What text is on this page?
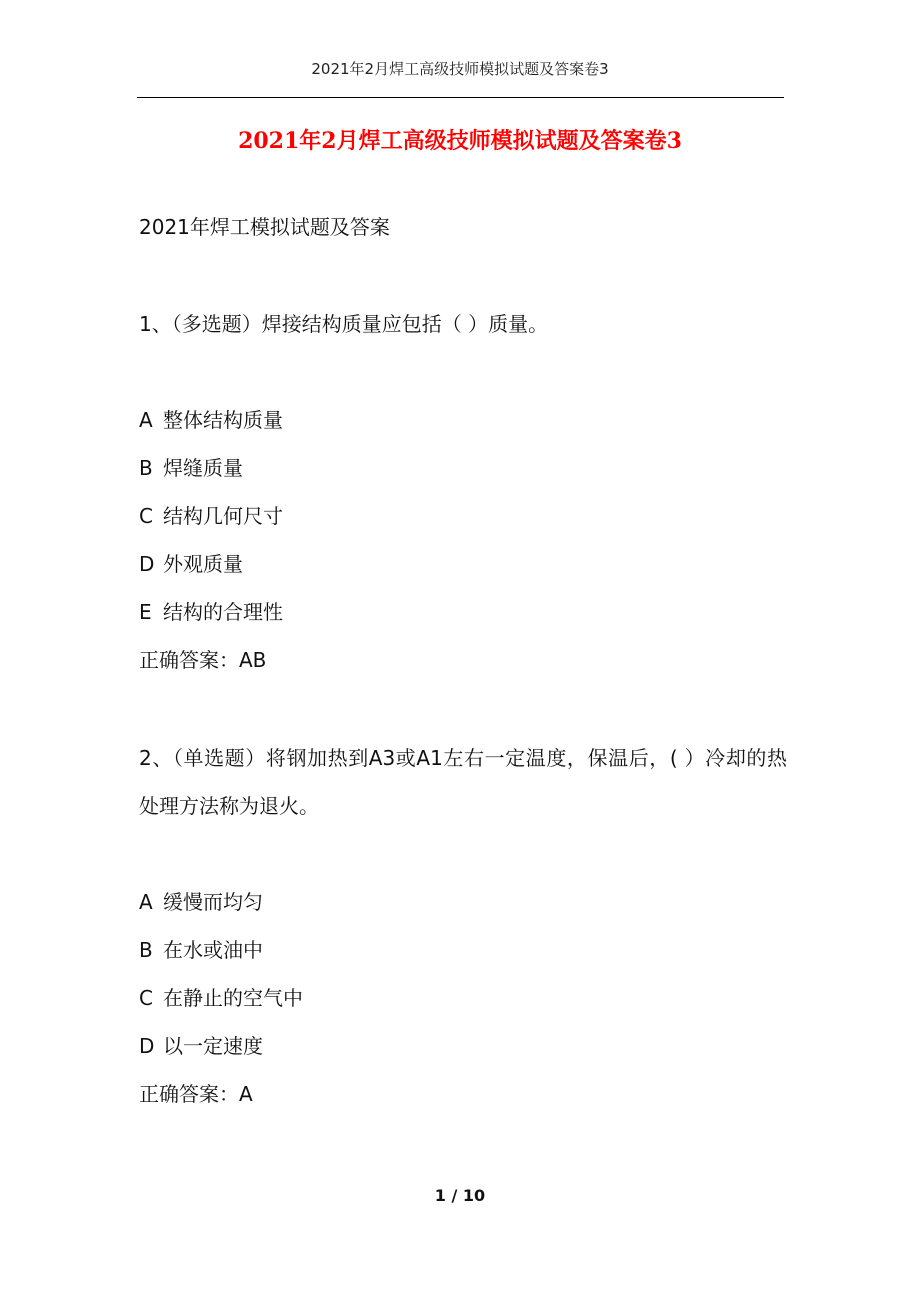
2021年2月焊工高级技师模拟试题及答案卷3
2021年2月焊工高级技师模拟试题及答案卷3
2021年焊工模拟试题及答案
1、（多选题）焊接结构质量应包括（ ）质量。
A 整体结构质量
B 焊缝质量
C 结构几何尺寸
D 外观质量
E 结构的合理性
正确答案：AB
2、（单选题）将钢加热到A3或A1左右一定温度，保温后，( ）冷却的热处理方法称为退火。
A 缓慢而均匀
B 在水或油中
C 在静止的空气中
D 以一定速度
正确答案：A
1 / 10
